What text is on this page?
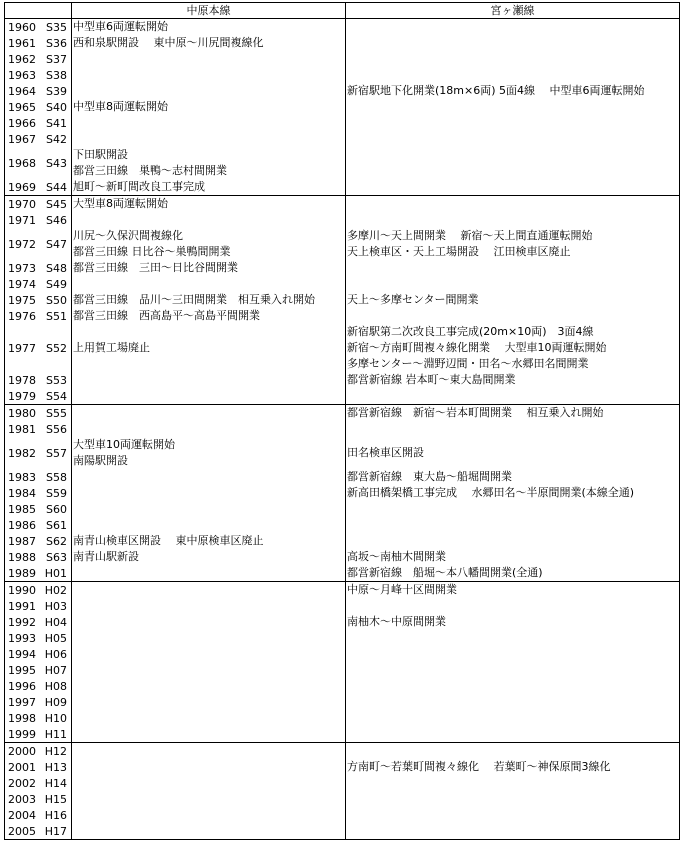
	中原本線	宮ヶ瀬線
1960 S35	中型車6両運転開始	

1961 S36	西和泉駅開設　 東中原～川尻間複線化	

1962 S37		
1963 S38		
1964 S39		新宿駅地下化開業(18m×6両) 5面4線　 中型車6両運転開始

1965 S40	中型車8両運転開始	

1966 S41		
1967 S42		
1968 S43	下田駅開設
都営三田線　巣鴨～志村間開業	

1969 S44	旭町～新町間改良工事完成	

1970 S45	大型車8両運転開始	

1971 S46		
1972 S47	川尻～久保沢間複線化
都営三田線 日比谷～巣鴨間開業	多摩川～天上間開業　 新宿～天上間直通運転開始
天上検車区・天上工場開設　 江田検車区廃止

1973 S48	都営三田線　三田～日比谷間開業	

1974 S49		
1975 S50	都営三田線　品川～三田間開業　相互乗入れ開始	天上～多摩センター間開業

1976 S51	都営三田線　西高島平～高島平間開業	

1977 S52	上用賀工場廃止	新宿駅第二次改良工事完成(20m×10両)　3面4線
新宿～方南町間複々線化開業　 大型車10両運転開始
多摩センター～淵野辺間・田名～水郷田名間開業

1978 S53		都営新宿線 岩本町～東大島間開業

1979 S54		
1980 S55		都営新宿線　新宿～岩本町間開業　 相互乗入れ開始

1981 S56		
1982 S57	大型車10両運転開始
南陽駅開設	田名検車区開設

1983 S58		都営新宿線　東大島～船堀間開業

1984 S59		新高田橋架橋工事完成　 水郷田名～半原間開業(本線全通)

1985 S60		
1986 S61		
1987 S62	南青山検車区開設　 東中原検車区廃止	

1988 S63	南青山駅新設	高坂～南柚木間開業

1989 H01		都営新宿線　船堀～本八幡間開業(全通)

1990 H02		中原～月峰十区間開業

1991 H03		
1992 H04		南柚木～中原間開業

1993 H05		
1994 H06		
1995 H07		
1996 H08		
1997 H09		
1998 H10		
1999 H11		
2000 H12		
2001 H13		方南町～若葉町間複々線化　 若葉町～神保原間3線化

2002 H14		
2003 H15		
2004 H16		
2005 H17		
